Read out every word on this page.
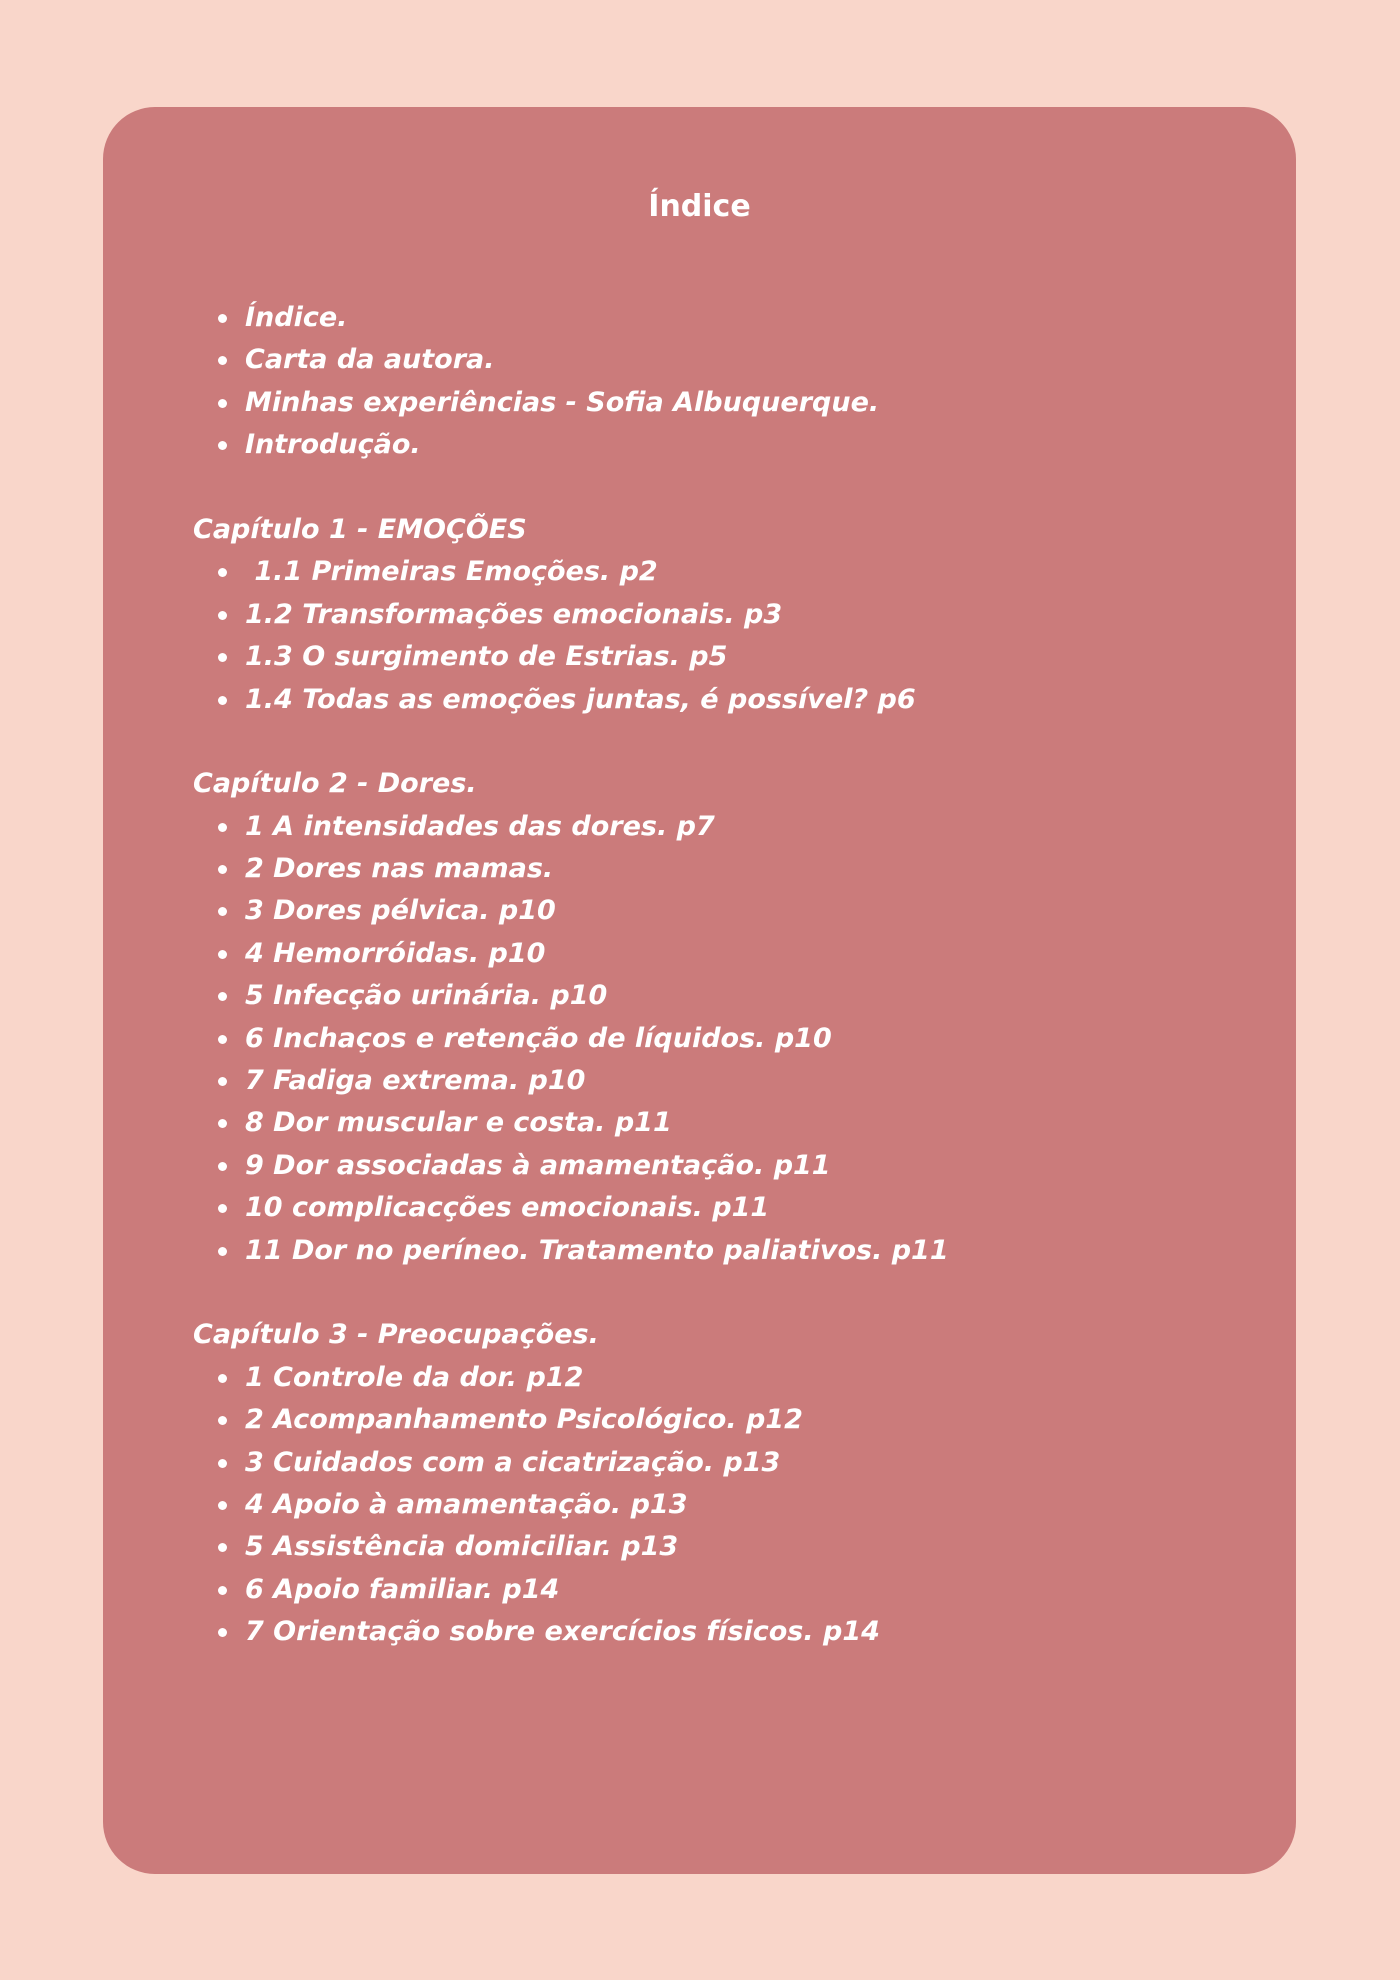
Índice
Índice.
Carta da autora.
Minhas experiências - Sofia Albuquerque.
Introdução.

Capítulo 1 - EMOÇÕES

1.1 Primeiras Emoções. p2
1.2 Transformações emocionais. p3
1.3 O surgimento de Estrias. p5
1.4 Todas as emoções juntas, é possível? p6

Capítulo 2 - Dores.

1 A intensidades das dores. p7
2 Dores nas mamas.
3 Dores pélvica. p10
4 Hemorróidas. p10
5 Infecção urinária. p10
6 Inchaços e retenção de líquidos. p10
7 Fadiga extrema. p10
8 Dor muscular e costa. p11
9 Dor associadas à amamentação. p11
10 complicacções emocionais. p11
11 Dor no períneo. Tratamento paliativos. p11

Capítulo 3 - Preocupações.

1 Controle da dor. p12
2 Acompanhamento Psicológico. p12
3 Cuidados com a cicatrização. p13
4 Apoio à amamentação. p13
5 Assistência domiciliar. p13
6 Apoio familiar. p14
7 Orientação sobre exercícios físicos. p14
